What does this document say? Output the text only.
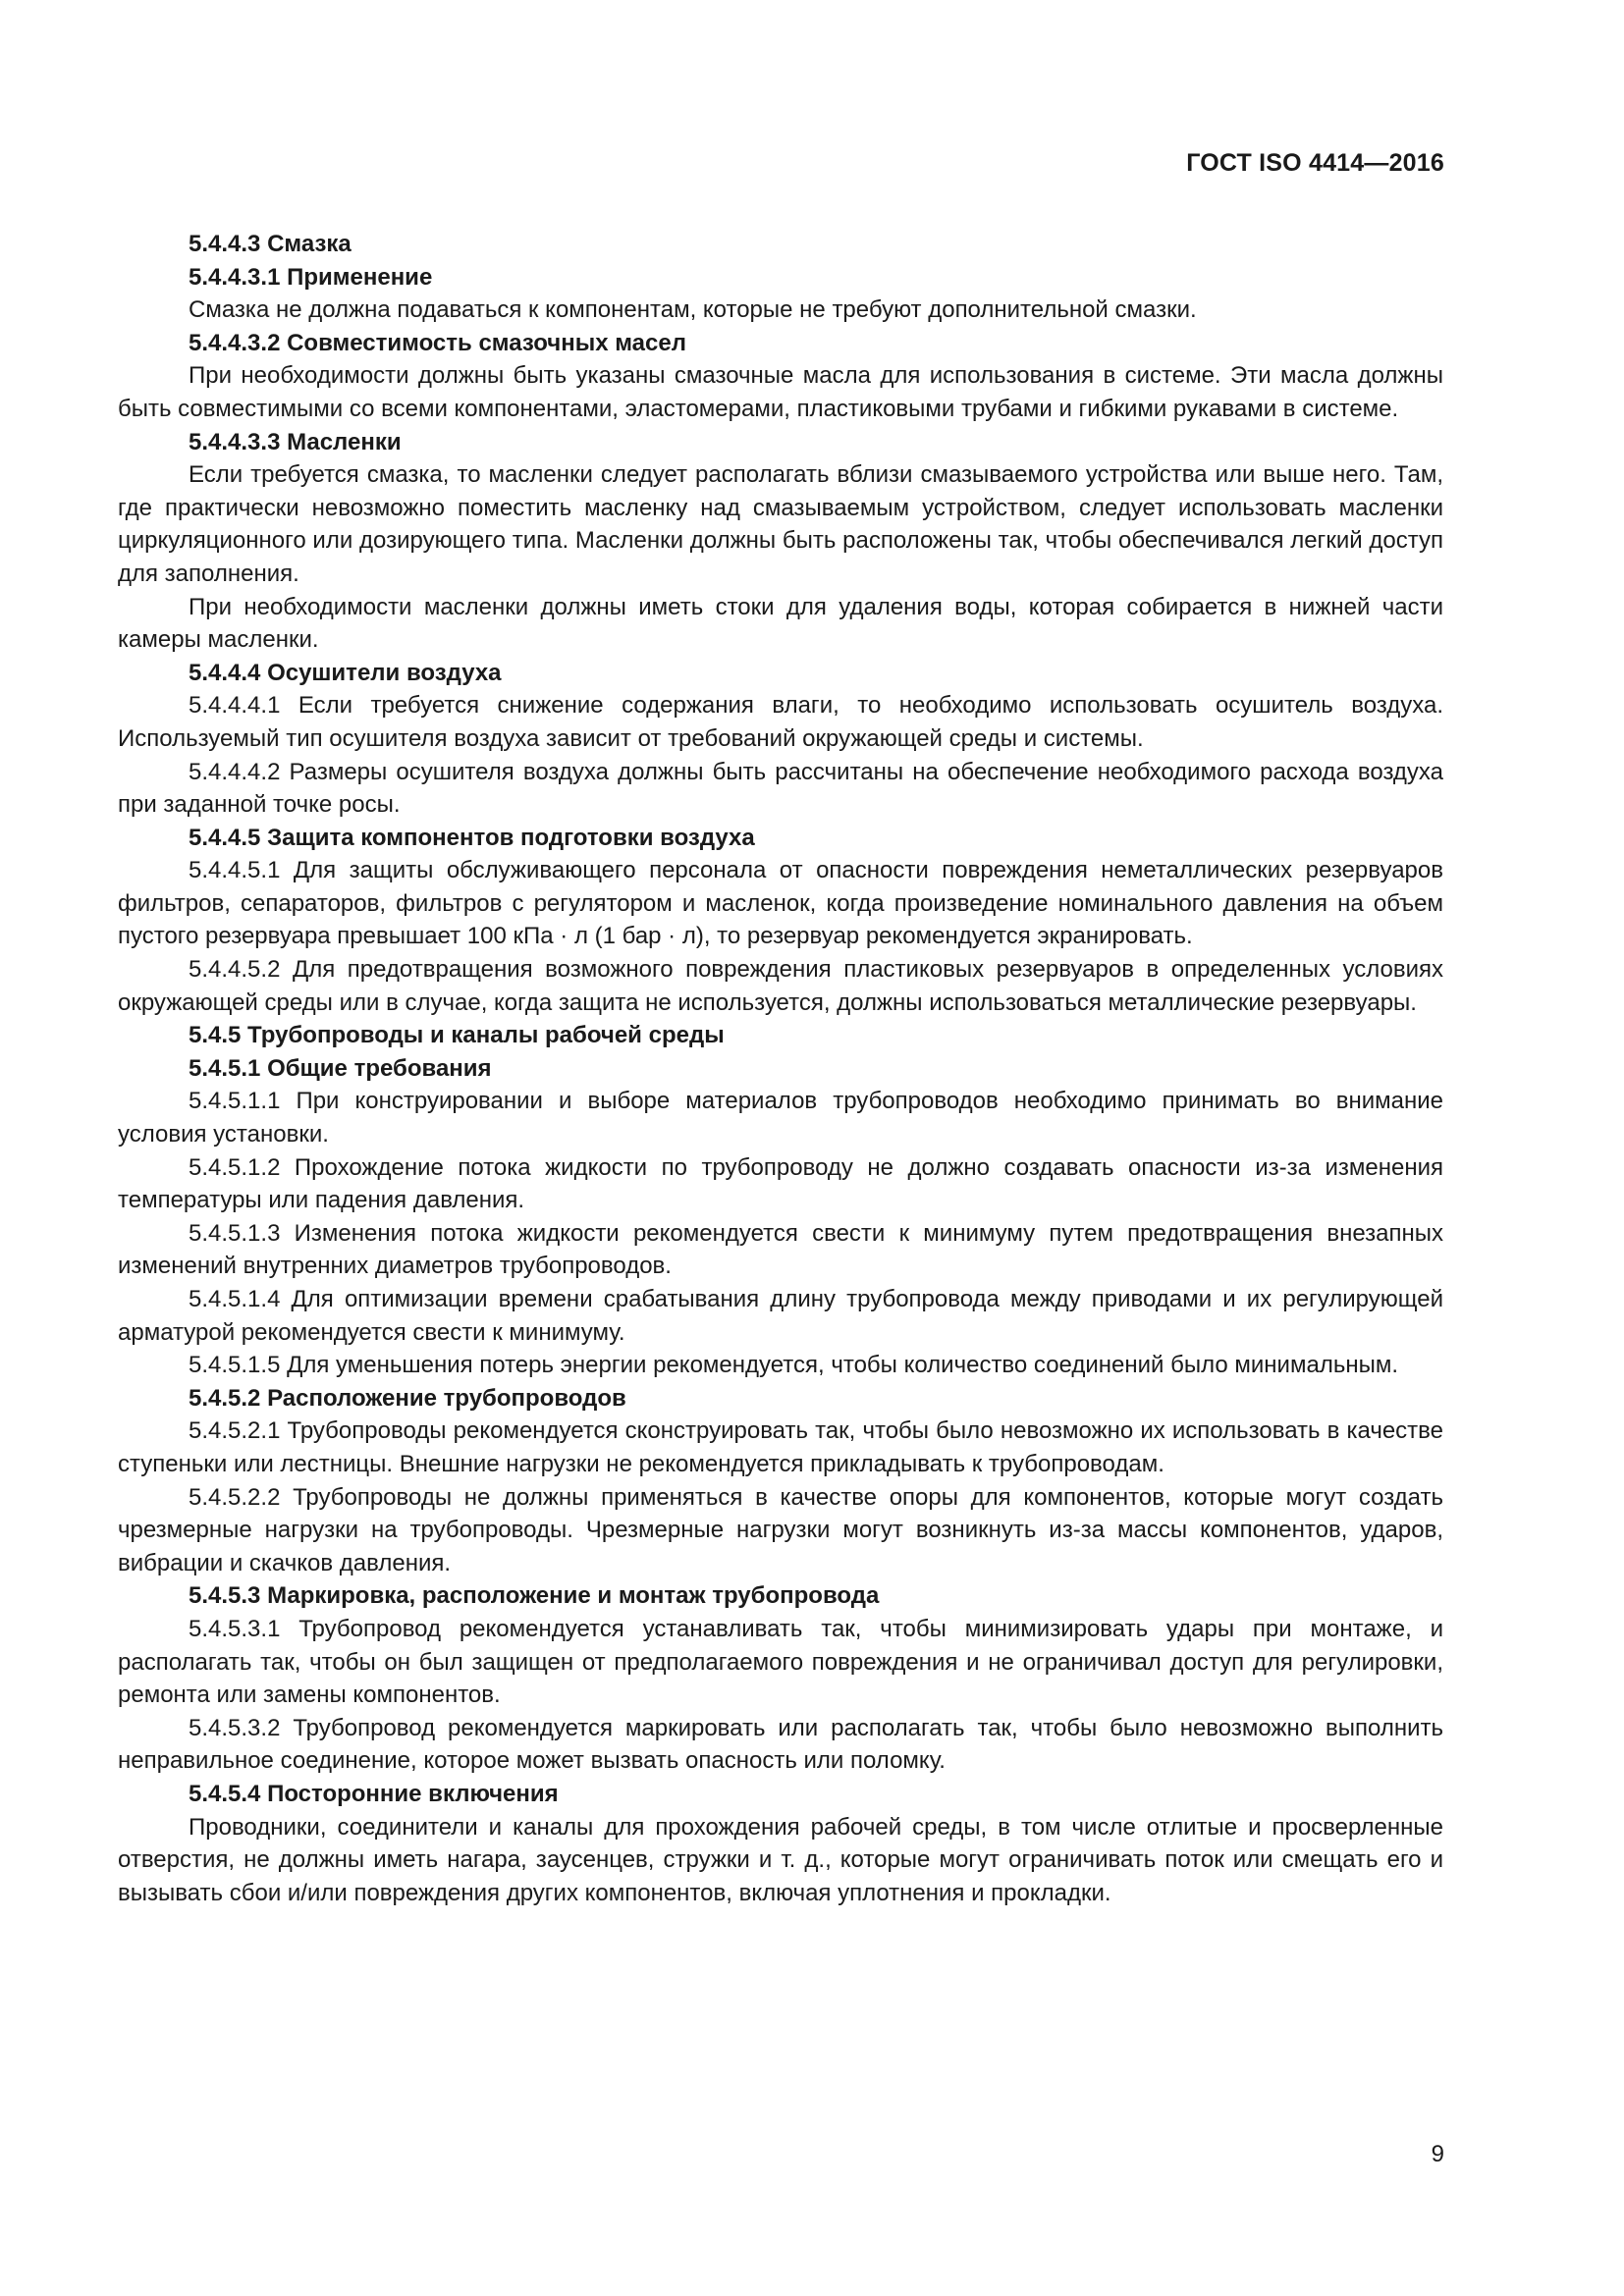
ГОСТ ISO 4414—2016

5.4.4.3 Смазка

5.4.4.3.1 Применение

Смазка не должна подаваться к компонентам, которые не требуют дополнительной смазки.

5.4.4.3.2 Совместимость смазочных масел

При необходимости должны быть указаны смазочные масла для использования в системе. Эти масла должны быть совместимыми со всеми компонентами, эластомерами, пластиковыми трубами и гибкими рукавами в системе.

5.4.4.3.3 Масленки

Если требуется смазка, то масленки следует располагать вблизи смазываемого устройства или выше него. Там, где практически невозможно поместить масленку над смазываемым устройством, следует использовать масленки циркуляционного или дозирующего типа. Масленки должны быть расположены так, чтобы обеспечивался легкий доступ для заполнения.

При необходимости масленки должны иметь стоки для удаления воды, которая собирается в нижней части камеры масленки.

5.4.4.4 Осушители воздуха

5.4.4.4.1 Если требуется снижение содержания влаги, то необходимо использовать осушитель воздуха. Используемый тип осушителя воздуха зависит от требований окружающей среды и системы.

5.4.4.4.2 Размеры осушителя воздуха должны быть рассчитаны на обеспечение необходимого расхода воздуха при заданной точке росы.

5.4.4.5 Защита компонентов подготовки воздуха

5.4.4.5.1 Для защиты обслуживающего персонала от опасности повреждения неметаллических резервуаров фильтров, сепараторов, фильтров с регулятором и масленок, когда произведение номинального давления на объем пустого резервуара превышает 100 кПа · л (1 бар · л), то резервуар рекомендуется экранировать.

5.4.4.5.2 Для предотвращения возможного повреждения пластиковых резервуаров в определенных условиях окружающей среды или в случае, когда защита не используется, должны использоваться металлические резервуары.

5.4.5 Трубопроводы и каналы рабочей среды

5.4.5.1 Общие требования

5.4.5.1.1 При конструировании и выборе материалов трубопроводов необходимо принимать во внимание условия установки.

5.4.5.1.2 Прохождение потока жидкости по трубопроводу не должно создавать опасности из-за изменения температуры или падения давления.

5.4.5.1.3 Изменения потока жидкости рекомендуется свести к минимуму путем предотвращения внезапных изменений внутренних диаметров трубопроводов.

5.4.5.1.4 Для оптимизации времени срабатывания длину трубопровода между приводами и их регулирующей арматурой рекомендуется свести к минимуму.

5.4.5.1.5 Для уменьшения потерь энергии рекомендуется, чтобы количество соединений было минимальным.

5.4.5.2 Расположение трубопроводов

5.4.5.2.1 Трубопроводы рекомендуется сконструировать так, чтобы было невозможно их использовать в качестве ступеньки или лестницы. Внешние нагрузки не рекомендуется прикладывать к трубопроводам.

5.4.5.2.2 Трубопроводы не должны применяться в качестве опоры для компонентов, которые могут создать чрезмерные нагрузки на трубопроводы. Чрезмерные нагрузки могут возникнуть из-за массы компонентов, ударов, вибрации и скачков давления.

5.4.5.3 Маркировка, расположение и монтаж трубопровода

5.4.5.3.1 Трубопровод рекомендуется устанавливать так, чтобы минимизировать удары при монтаже, и располагать так, чтобы он был защищен от предполагаемого повреждения и не ограничивал доступ для регулировки, ремонта или замены компонентов.

5.4.5.3.2 Трубопровод рекомендуется маркировать или располагать так, чтобы было невозможно выполнить неправильное соединение, которое может вызвать опасность или поломку.

5.4.5.4 Посторонние включения

Проводники, соединители и каналы для прохождения рабочей среды, в том числе отлитые и просверленные отверстия, не должны иметь нагара, заусенцев, стружки и т. д., которые могут ограничивать поток или смещать его и вызывать сбои и/или повреждения других компонентов, включая уплотнения и прокладки.

9
